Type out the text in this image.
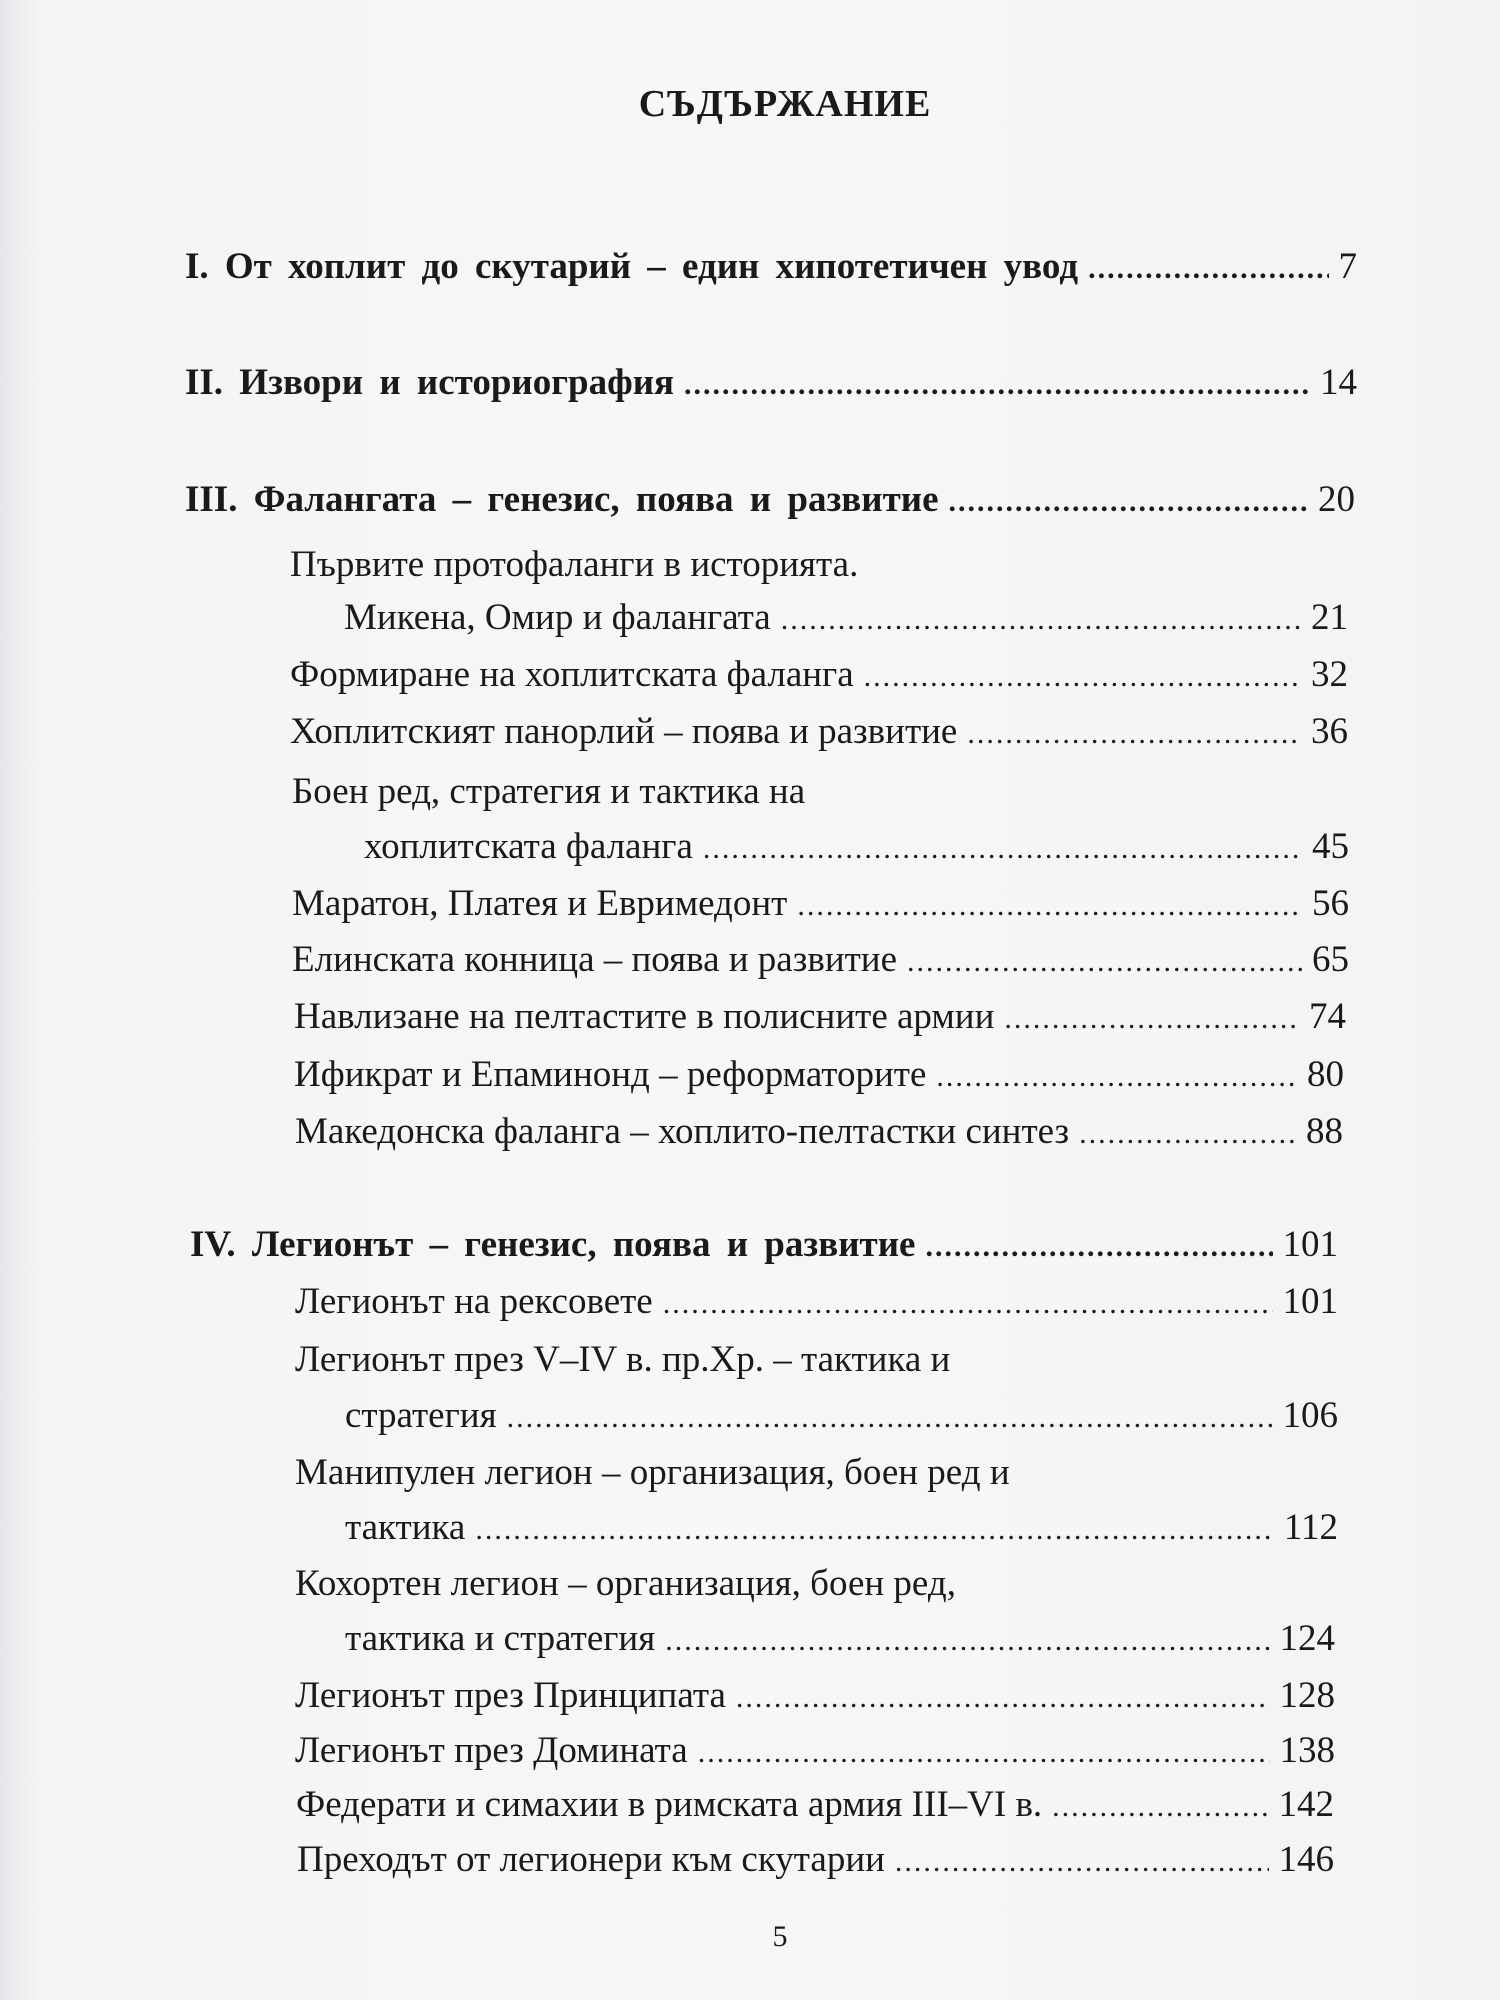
СЪДЪРЖАНИЕ
I. От хоплит до скутарий – един хипотетичен увод .....	7
II. Извори и историография .....	14
III. Фалангата – генезис, поява и развитие .....	20
Първите протофаланги в историята.
Микена, Омир и фалангата .....	21
Формиране на хоплитската фаланга .....	32
Хоплитският панорлий – поява и развитие .....	36
Боен ред, стратегия и тактика на
хоплитската фаланга .....	45
Маратон, Платея и Евримедонт .....	56
Елинската конница – поява и развитие .....	65
Навлизане на пелтастите в полисните армии .....	74
Ификрат и Епаминонд – реформаторите .....	80
Македонска фаланга – хоплито-пелтастки синтез .....	88
IV. Легионът – генезис, поява и развитие .....	101
Легионът на рексовете .....	101
Легионът през V–IV в. пр.Хр. – тактика и
стратегия .....	106
Манипулен легион – организация, боен ред и
тактика .....	112
Кохортен легион – организация, боен ред,
тактика и стратегия .....	124
Легионът през Принципата .....	128
Легионът през Домината .....	138
Федерати и симахии в римската армия III–VI в. .....	142
Преходът от легионери към скутарии .....	146
5
